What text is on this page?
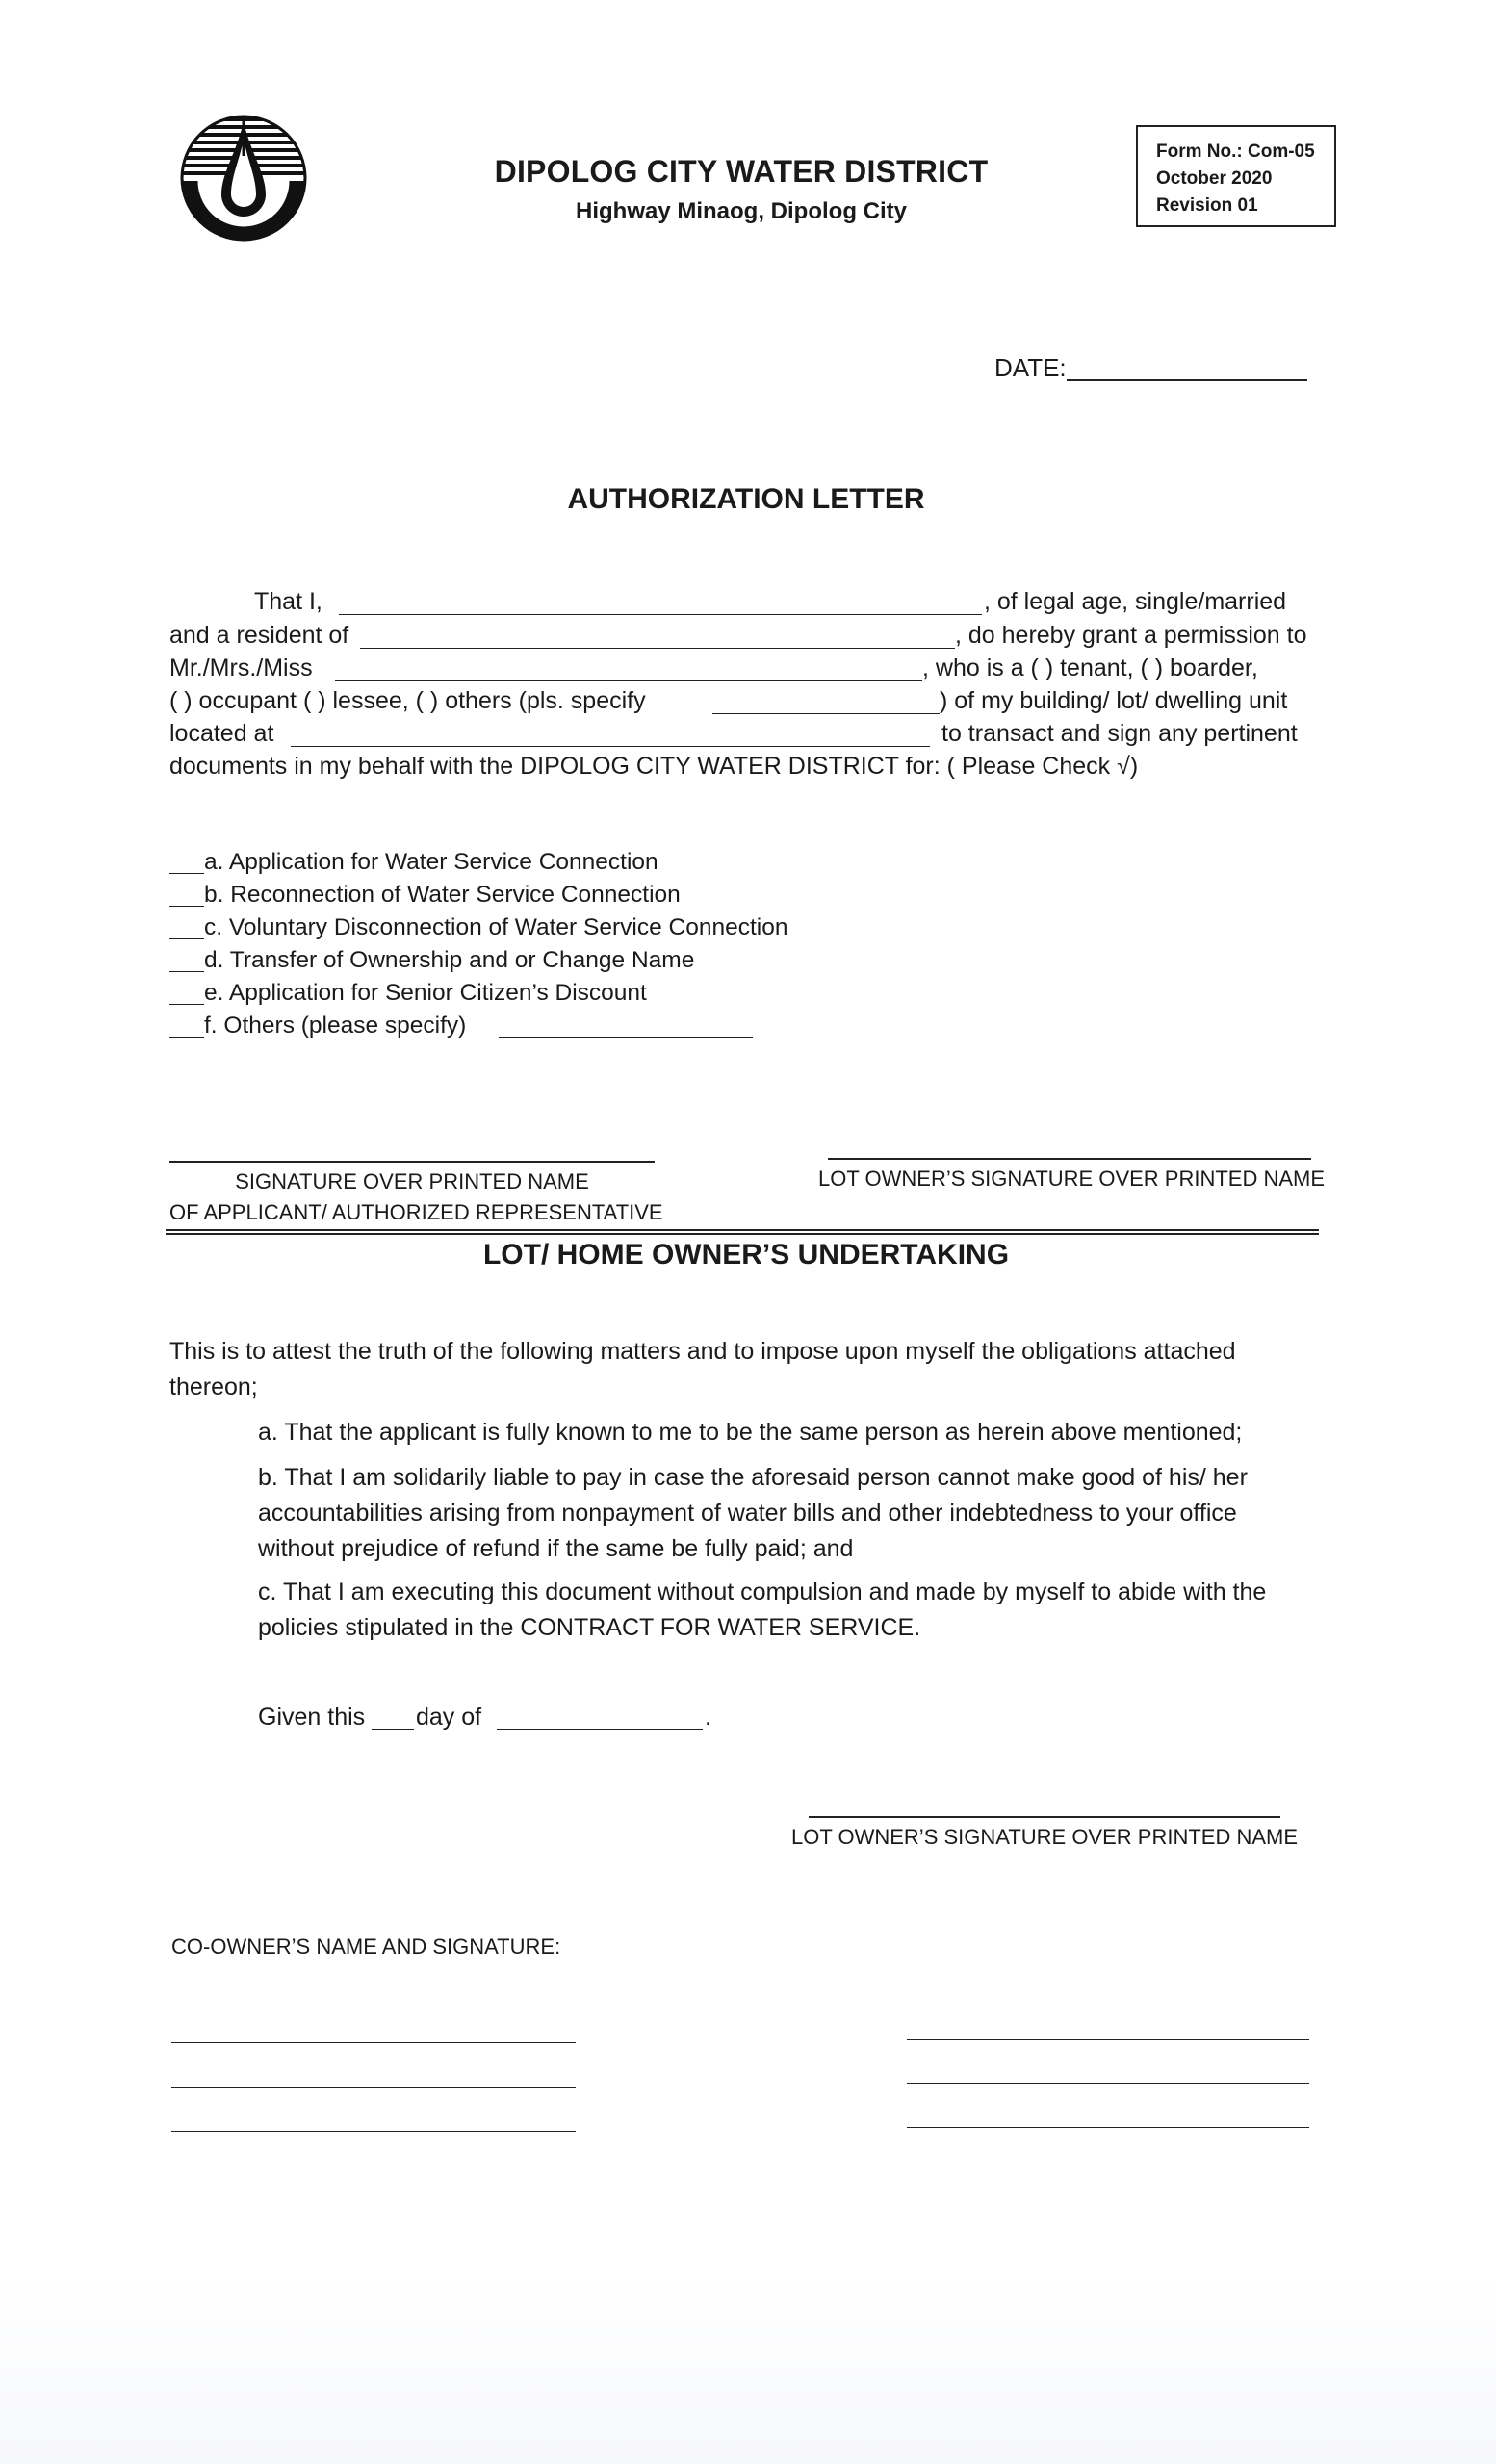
DIPOLOG CITY WATER DISTRICT
Highway Minaog, Dipolog City
Form No.: Com-05
October 2020
Revision 01
DATE:
AUTHORIZATION LETTER
That I,	, of legal age, single/married
and a resident of	, do hereby grant a permission to
Mr./Mrs./Miss	, who is a ( ) tenant, ( ) boarder,
( ) occupant ( ) lessee, ( ) others (pls. specify	) of my building/ lot/ dwelling unit
located at	to transact and sign any pertinent
documents in my behalf with the DIPOLOG CITY WATER DISTRICT for: ( Please Check √)
a. Application for Water Service Connection
b. Reconnection of Water Service Connection
c. Voluntary Disconnection of Water Service Connection
d. Transfer of Ownership and or Change Name
e. Application for Senior Citizen’s Discount
f. Others (please specify)
SIGNATURE OVER PRINTED NAME
OF APPLICANT/ AUTHORIZED REPRESENTATIVE
LOT OWNER’S SIGNATURE OVER PRINTED NAME
LOT/ HOME OWNER’S UNDERTAKING
This is to attest the truth of the following matters and to impose upon myself the obligations attached thereon;
a. That the applicant is fully known to me to be the same person as herein above mentioned;
b. That I am solidarily liable to pay in case the aforesaid person cannot make good of his/ her accountabilities arising from nonpayment of water bills and other indebtedness to your office without prejudice of refund if the same be fully paid; and
c. That I am executing this document without compulsion and made by myself to abide with the policies stipulated in the CONTRACT FOR WATER SERVICE.
Given this day of	.
LOT OWNER’S SIGNATURE OVER PRINTED NAME
CO-OWNER’S NAME AND SIGNATURE:
